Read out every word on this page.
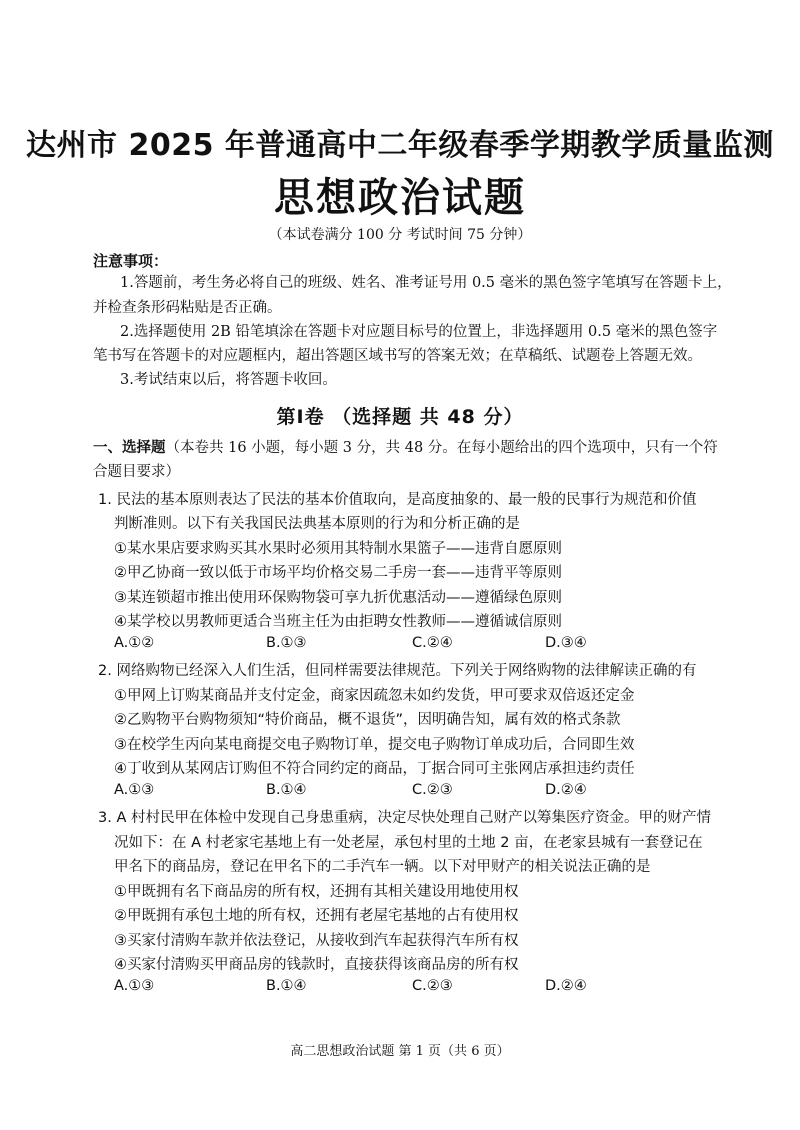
达州市 2025 年普通高中二年级春季学期教学质量监测
思想政治试题
（本试卷满分 100 分 考试时间 75 分钟）
注意事项：
1.答题前，考生务必将自己的班级、姓名、准考证号用 0.5 毫米的黑色签字笔填写在答题卡上，
并检查条形码粘贴是否正确。
2.选择题使用 2B 铅笔填涂在答题卡对应题目标号的位置上，非选择题用 0.5 毫米的黑色签字
笔书写在答题卡的对应题框内，超出答题区域书写的答案无效；在草稿纸、试题卷上答题无效。
3.考试结束以后，将答题卡收回。
第Ⅰ卷 （选择题 共 48 分）
一、选择题（本卷共 16 小题，每小题 3 分，共 48 分。在每小题给出的四个选项中，只有一个符
合题目要求）
1. 民法的基本原则表达了民法的基本价值取向，是高度抽象的、最一般的民事行为规范和价值
判断准则。以下有关我国民法典基本原则的行为和分析正确的是
①某水果店要求购买其水果时必须用其特制水果篮子——违背自愿原则
②甲乙协商一致以低于市场平均价格交易二手房一套——违背平等原则
③某连锁超市推出使用环保购物袋可享九折优惠活动——遵循绿色原则
④某学校以男教师更适合当班主任为由拒聘女性教师——遵循诚信原则
A.①②	B.①③	C.②④	D.③④
2. 网络购物已经深入人们生活，但同样需要法律规范。下列关于网络购物的法律解读正确的有
①甲网上订购某商品并支付定金，商家因疏忽未如约发货，甲可要求双倍返还定金
②乙购物平台购物须知“特价商品，概不退货”，因明确告知，属有效的格式条款
③在校学生丙向某电商提交电子购物订单，提交电子购物订单成功后，合同即生效
④丁收到从某网店订购但不符合同约定的商品，丁据合同可主张网店承担违约责任
A.①③	B.①④	C.②③	D.②④
3. A 村村民甲在体检中发现自己身患重病，决定尽快处理自己财产以筹集医疗资金。甲的财产情
况如下：在 A 村老家宅基地上有一处老屋，承包村里的土地 2 亩，在老家县城有一套登记在
甲名下的商品房，登记在甲名下的二手汽车一辆。以下对甲财产的相关说法正确的是
①甲既拥有名下商品房的所有权，还拥有其相关建设用地使用权
②甲既拥有承包土地的所有权，还拥有老屋宅基地的占有使用权
③买家付清购车款并依法登记，从接收到汽车起获得汽车所有权
④买家付清购买甲商品房的钱款时，直接获得该商品房的所有权
A.①③	B.①④	C.②③	D.②④
高二思想政治试题 第 1 页（共 6 页）
